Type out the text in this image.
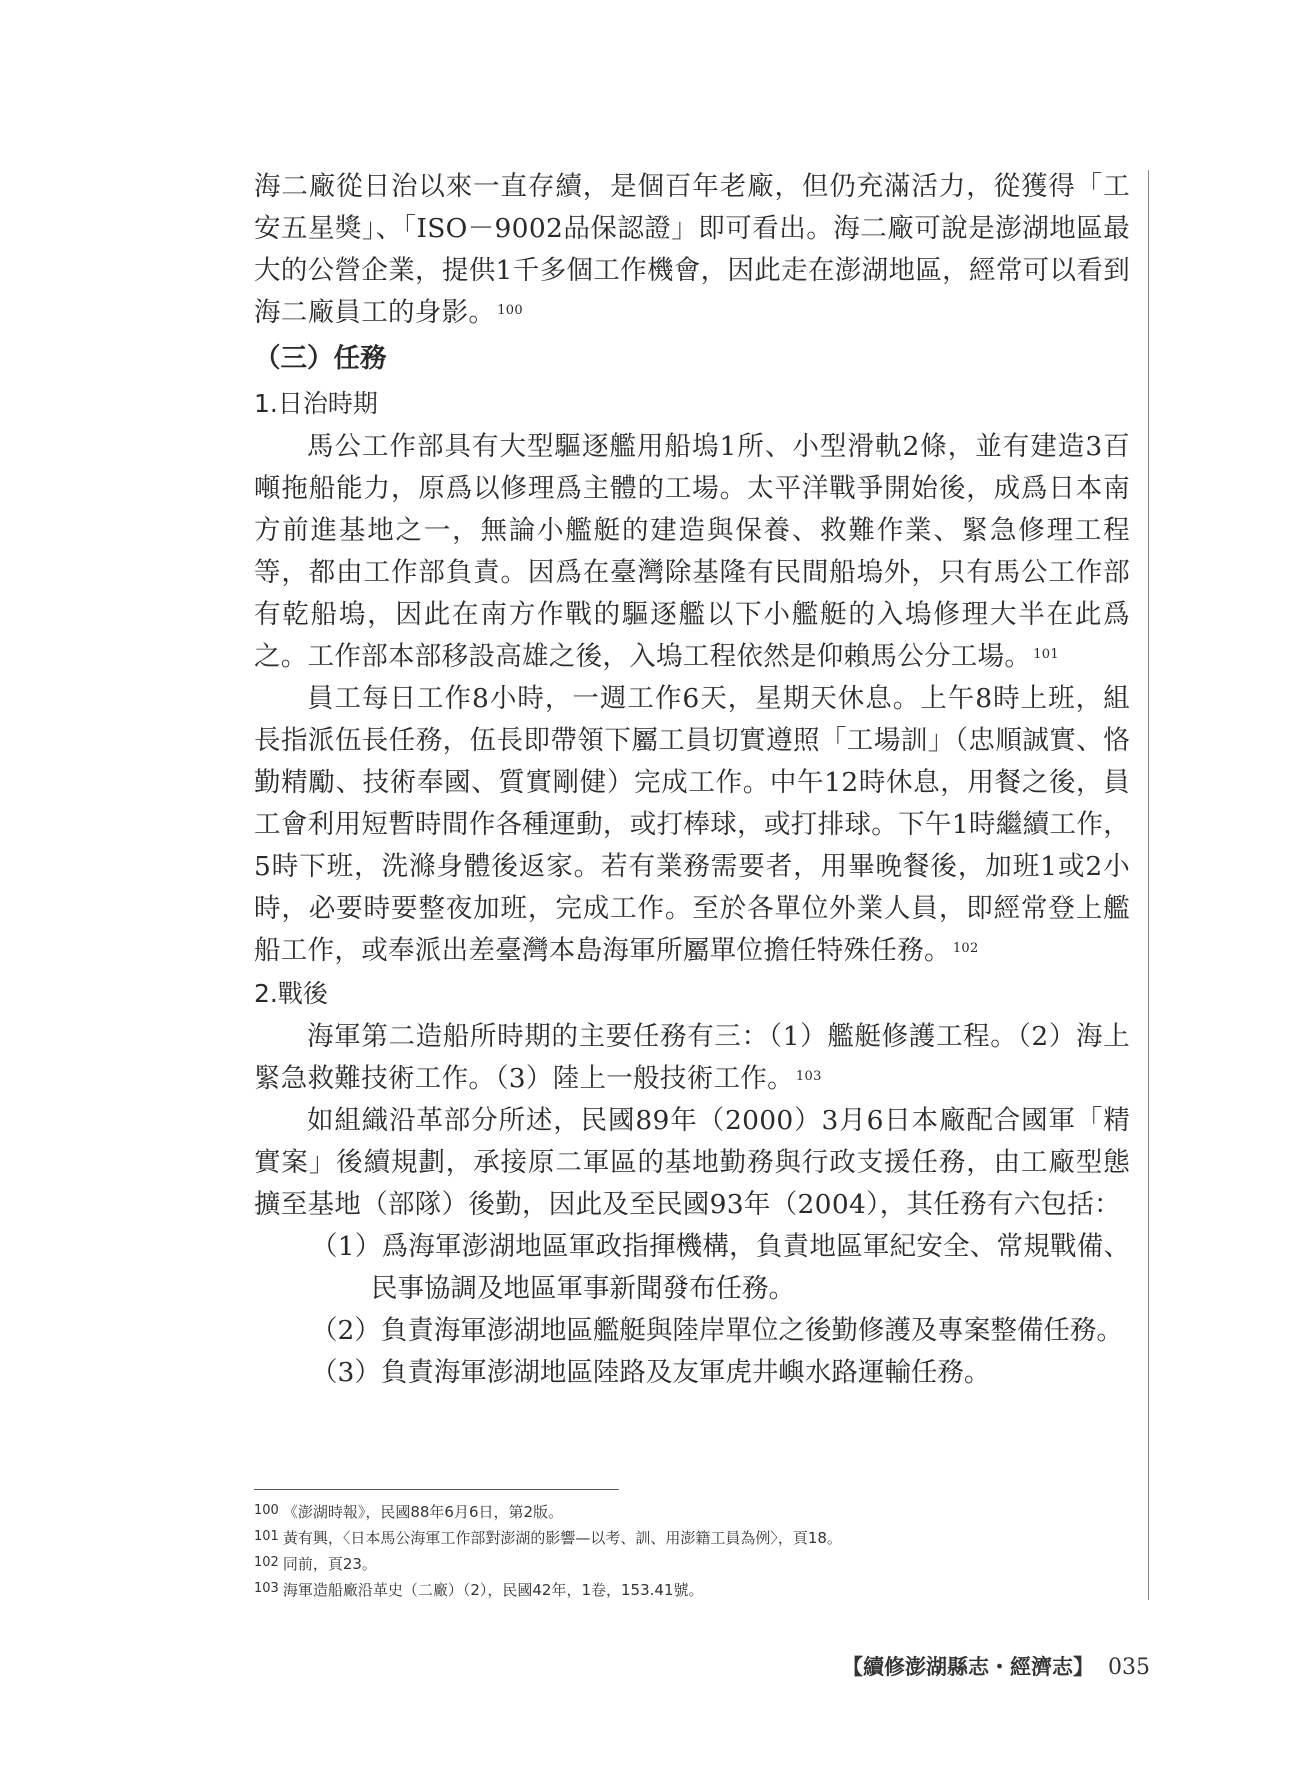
海二廠從日治以來一直存續，是個百年老廠，但仍充滿活力，從獲得「工安五星獎」、「ISO－9002品保認證」即可看出。海二廠可說是澎湖地區最大的公營企業，提供1千多個工作機會，因此走在澎湖地區，經常可以看到海二廠員工的身影。 $^{100}$

（三）任務

1.日治時期

馬公工作部具有大型驅逐艦用船塢1所、小型滑軌2條，並有建造3百噸拖船能力，原爲以修理爲主體的工場。太平洋戰爭開始後，成爲日本南方前進基地之一，無論小艦艇的建造與保養、救難作業、緊急修理工程等，都由工作部負責。因爲在臺灣除基隆有民間船塢外，只有馬公工作部有乾船塢，因此在南方作戰的驅逐艦以下小艦艇的入塢修理大半在此爲之。工作部本部移設高雄之後，入塢工程依然是仰賴馬公分工場。 $^{101}$

員工每日工作8小時，一週工作6天，星期天休息。上午8時上班，組長指派伍長任務，伍長即帶領下屬工員切實遵照「工場訓」（忠順誠實、恪勤精勵、技術奉國、質實剛健）完成工作。中午12時休息，用餐之後，員工會利用短暫時間作各種運動，或打棒球，或打排球。下午1時繼續工作，5時下班，洗滌身體後返家。若有業務需要者，用畢晚餐後，加班1或2小時，必要時要整夜加班，完成工作。至於各單位外業人員，即經常登上艦船工作，或奉派出差臺灣本島海軍所屬單位擔任特殊任務。 $^{102}$

2.戰後

海軍第二造船所時期的主要任務有三：（1）艦艇修護工程。（2）海上緊急救難技術工作。（3）陸上一般技術工作。 $^{103}$

如組織沿革部分所述，民國89年（2000）3月6日本廠配合國軍「精實案」後續規劃，承接原二軍區的基地勤務與行政支援任務，由工廠型態擴至基地（部隊）後勤，因此及至民國93年（2004），其任務有六包括：

（1）爲海軍澎湖地區軍政指揮機構，負責地區軍紀安全、常規戰備、民事協調及地區軍事新聞發布任務。

（2）負責海軍澎湖地區艦艇與陸岸單位之後勤修護及專案整備任務。

（3）負責海軍澎湖地區陸路及友軍虎井嶼水路運輸任務。

100 《澎湖時報》，民國88年6月6日，第2版。

101 黃有興，〈日本馬公海軍工作部對澎湖的影響—以考、訓、用澎籍工員為例〉，頁18。

102 同前，頁23。

103 海軍造船廠沿革史（二廠）（2），民國42年，1卷，153.41號。

【續修澎湖縣志・經濟志】 035
